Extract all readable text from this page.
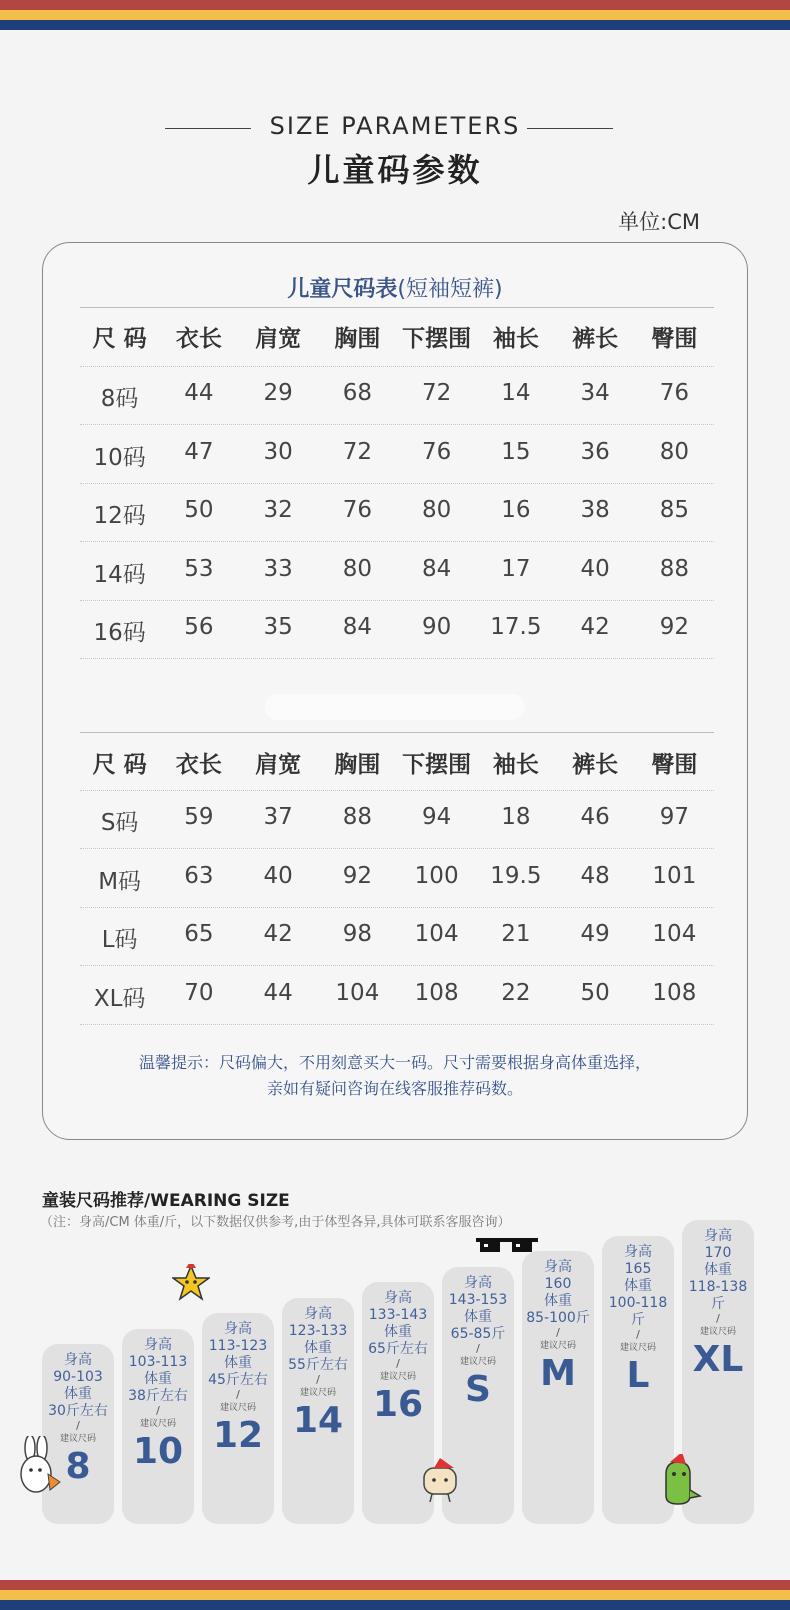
SIZE PARAMETERS
儿童码参数
单位:CM
儿童尺码表(短袖短裤)
尺 码	衣长	肩宽	胸围 下摆围 袖长	裤长	臀围
8码	44	29	68	72	14	34	76
10码	47	30	72	76	15	36	80
12码	50	32	76	80	16	38	85
14码	53	33	80	84	17	40	88
16码	56	35	84	90	17.5	42	92
尺 码	衣长	肩宽	胸围 下摆围 袖长	裤长	臀围
S码	59	37	88	94	18	46	97
M码	63	40	92	100	19.5	48	101
L码	65	42	98	104	21	49	104
XL码	70	44	104	108	22	50	108
温馨提示：尺码偏大，不用刻意买大一码。尺寸需要根据身高体重选择，
亲如有疑问咨询在线客服推荐码数。
童装尺码推荐/WEARING SIZE
（注：身高/CM 体重/斤，以下数据仅供参考,由于体型各异,具体可联系客服咨询）
身高
90-103
体重
30斤左右
/
建议尺码
8
身高
103-113
体重
38斤左右
/
建议尺码
10
身高
113-123
体重
45斤左右
/
建议尺码
12
身高
123-133
体重
55斤左右
/
建议尺码
14
身高
133-143
体重
65斤左右
/
建议尺码
16
身高
143-153
体重
65-85斤
/
建议尺码
S
身高
160
体重
85-100斤
/
建议尺码
M
身高
165
体重
100-118斤
/
建议尺码
L
身高
170
体重
118-138斤
/
建议尺码
XL
